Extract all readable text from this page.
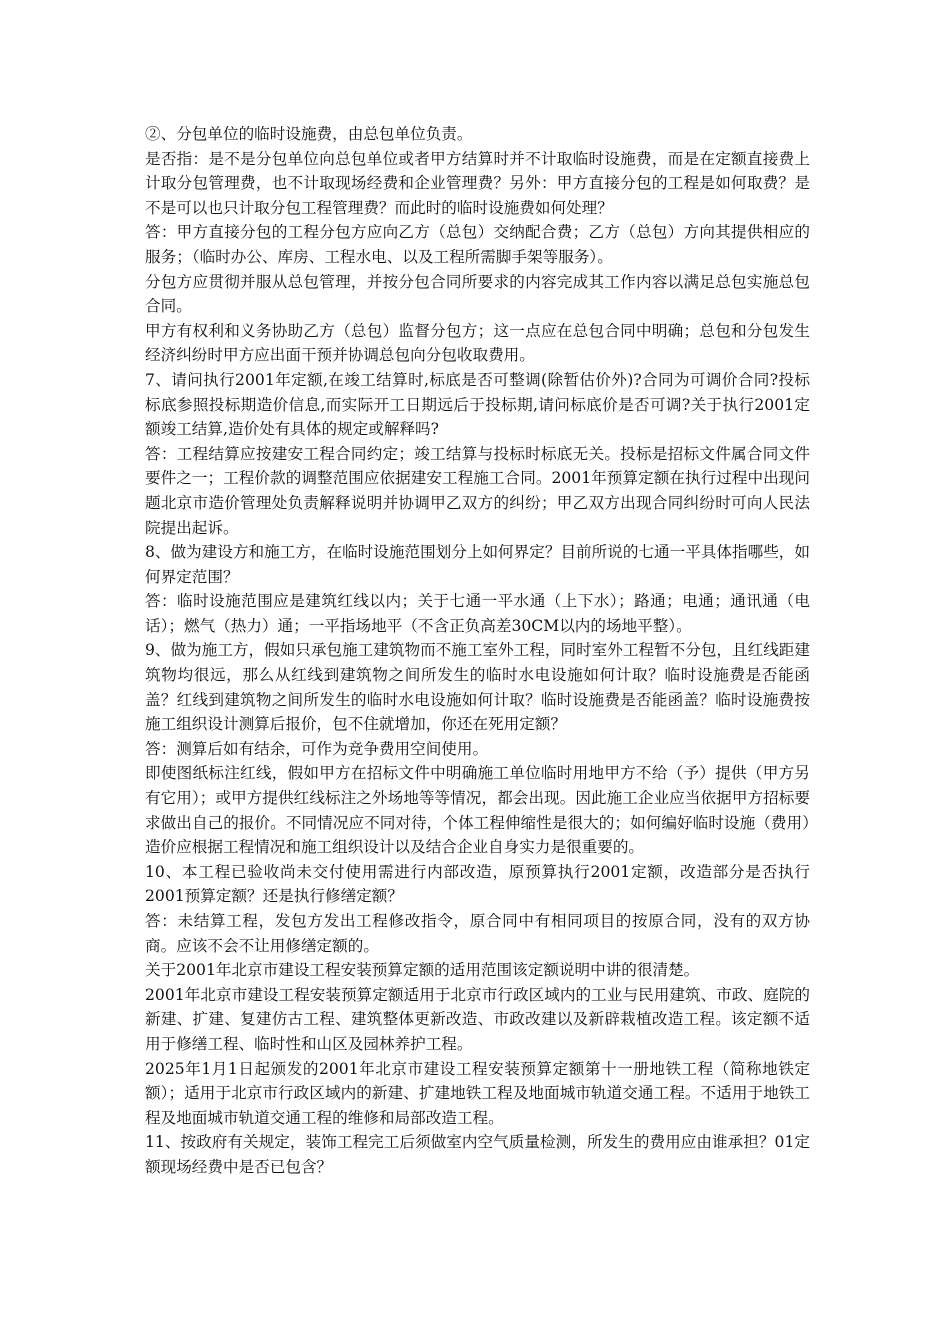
②、分包单位的临时设施费，由总包单位负责。

是否指：是不是分包单位向总包单位或者甲方结算时并不计取临时设施费，而是在定额直接费上计取分包管理费，也不计取现场经费和企业管理费？另外：甲方直接分包的工程是如何取费？是不是可以也只计取分包工程管理费？而此时的临时设施费如何处理？

答：甲方直接分包的工程分包方应向乙方（总包）交纳配合费；乙方（总包）方向其提供相应的服务；（临时办公、库房、工程水电、以及工程所需脚手架等服务）。

分包方应贯彻并服从总包管理，并按分包合同所要求的内容完成其工作内容以满足总包实施总包合同。

甲方有权利和义务协助乙方（总包）监督分包方；这一点应在总包合同中明确；总包和分包发生经济纠纷时甲方应出面干预并协调总包向分包收取费用。

7、请问执行2001年定额,在竣工结算时,标底是否可整调(除暂估价外)?合同为可调价合同?投标标底参照投标期造价信息,而实际开工日期远后于投标期,请问标底价是否可调?关于执行2001定额竣工结算,造价处有具体的规定或解释吗?

答：工程结算应按建安工程合同约定；竣工结算与投标时标底无关。投标是招标文件属合同文件要件之一；工程价款的调整范围应依据建安工程施工合同。2001年预算定额在执行过程中出现问题北京市造价管理处负责解释说明并协调甲乙双方的纠纷；甲乙双方出现合同纠纷时可向人民法院提出起诉。

8、做为建设方和施工方，在临时设施范围划分上如何界定？目前所说的七通一平具体指哪些，如何界定范围？

答：临时设施范围应是建筑红线以内；关于七通一平水通（上下水）；路通；电通；通讯通（电话）；燃气（热力）通；一平指场地平（不含正负高差30CM以内的场地平整）。

9、做为施工方，假如只承包施工建筑物而不施工室外工程，同时室外工程暂不分包，且红线距建筑物均很远，那么从红线到建筑物之间所发生的临时水电设施如何计取？临时设施费是否能函盖？红线到建筑物之间所发生的临时水电设施如何计取？临时设施费是否能函盖？临时设施费按施工组织设计测算后报价，包不住就增加，你还在死用定额？

答：测算后如有结余，可作为竞争费用空间使用。

即使图纸标注红线，假如甲方在招标文件中明确施工单位临时用地甲方不给（予）提供（甲方另有它用）；或甲方提供红线标注之外场地等等情况，都会出现。因此施工企业应当依据甲方招标要求做出自己的报价。不同情况应不同对待，个体工程伸缩性是很大的；如何编好临时设施（费用）造价应根据工程情况和施工组织设计以及结合企业自身实力是很重要的。

10、本工程已验收尚未交付使用需进行内部改造，原预算执行2001定额，改造部分是否执行2001预算定额？还是执行修缮定额？

答：未结算工程，发包方发出工程修改指令，原合同中有相同项目的按原合同，没有的双方协商。应该不会不让用修缮定额的。

关于2001年北京市建设工程安装预算定额的适用范围该定额说明中讲的很清楚。

2001年北京市建设工程安装预算定额适用于北京市行政区域内的工业与民用建筑、市政、庭院的新建、扩建、复建仿古工程、建筑整体更新改造、市政改建以及新辟栽植改造工程。该定额不适用于修缮工程、临时性和山区及园林养护工程。

2025年1月1日起颁发的2001年北京市建设工程安装预算定额第十一册地铁工程（简称地铁定额）；适用于北京市行政区域内的新建、扩建地铁工程及地面城市轨道交通工程。不适用于地铁工程及地面城市轨道交通工程的维修和局部改造工程。

11、按政府有关规定，装饰工程完工后须做室内空气质量检测，所发生的费用应由谁承担？01定额现场经费中是否已包含？
